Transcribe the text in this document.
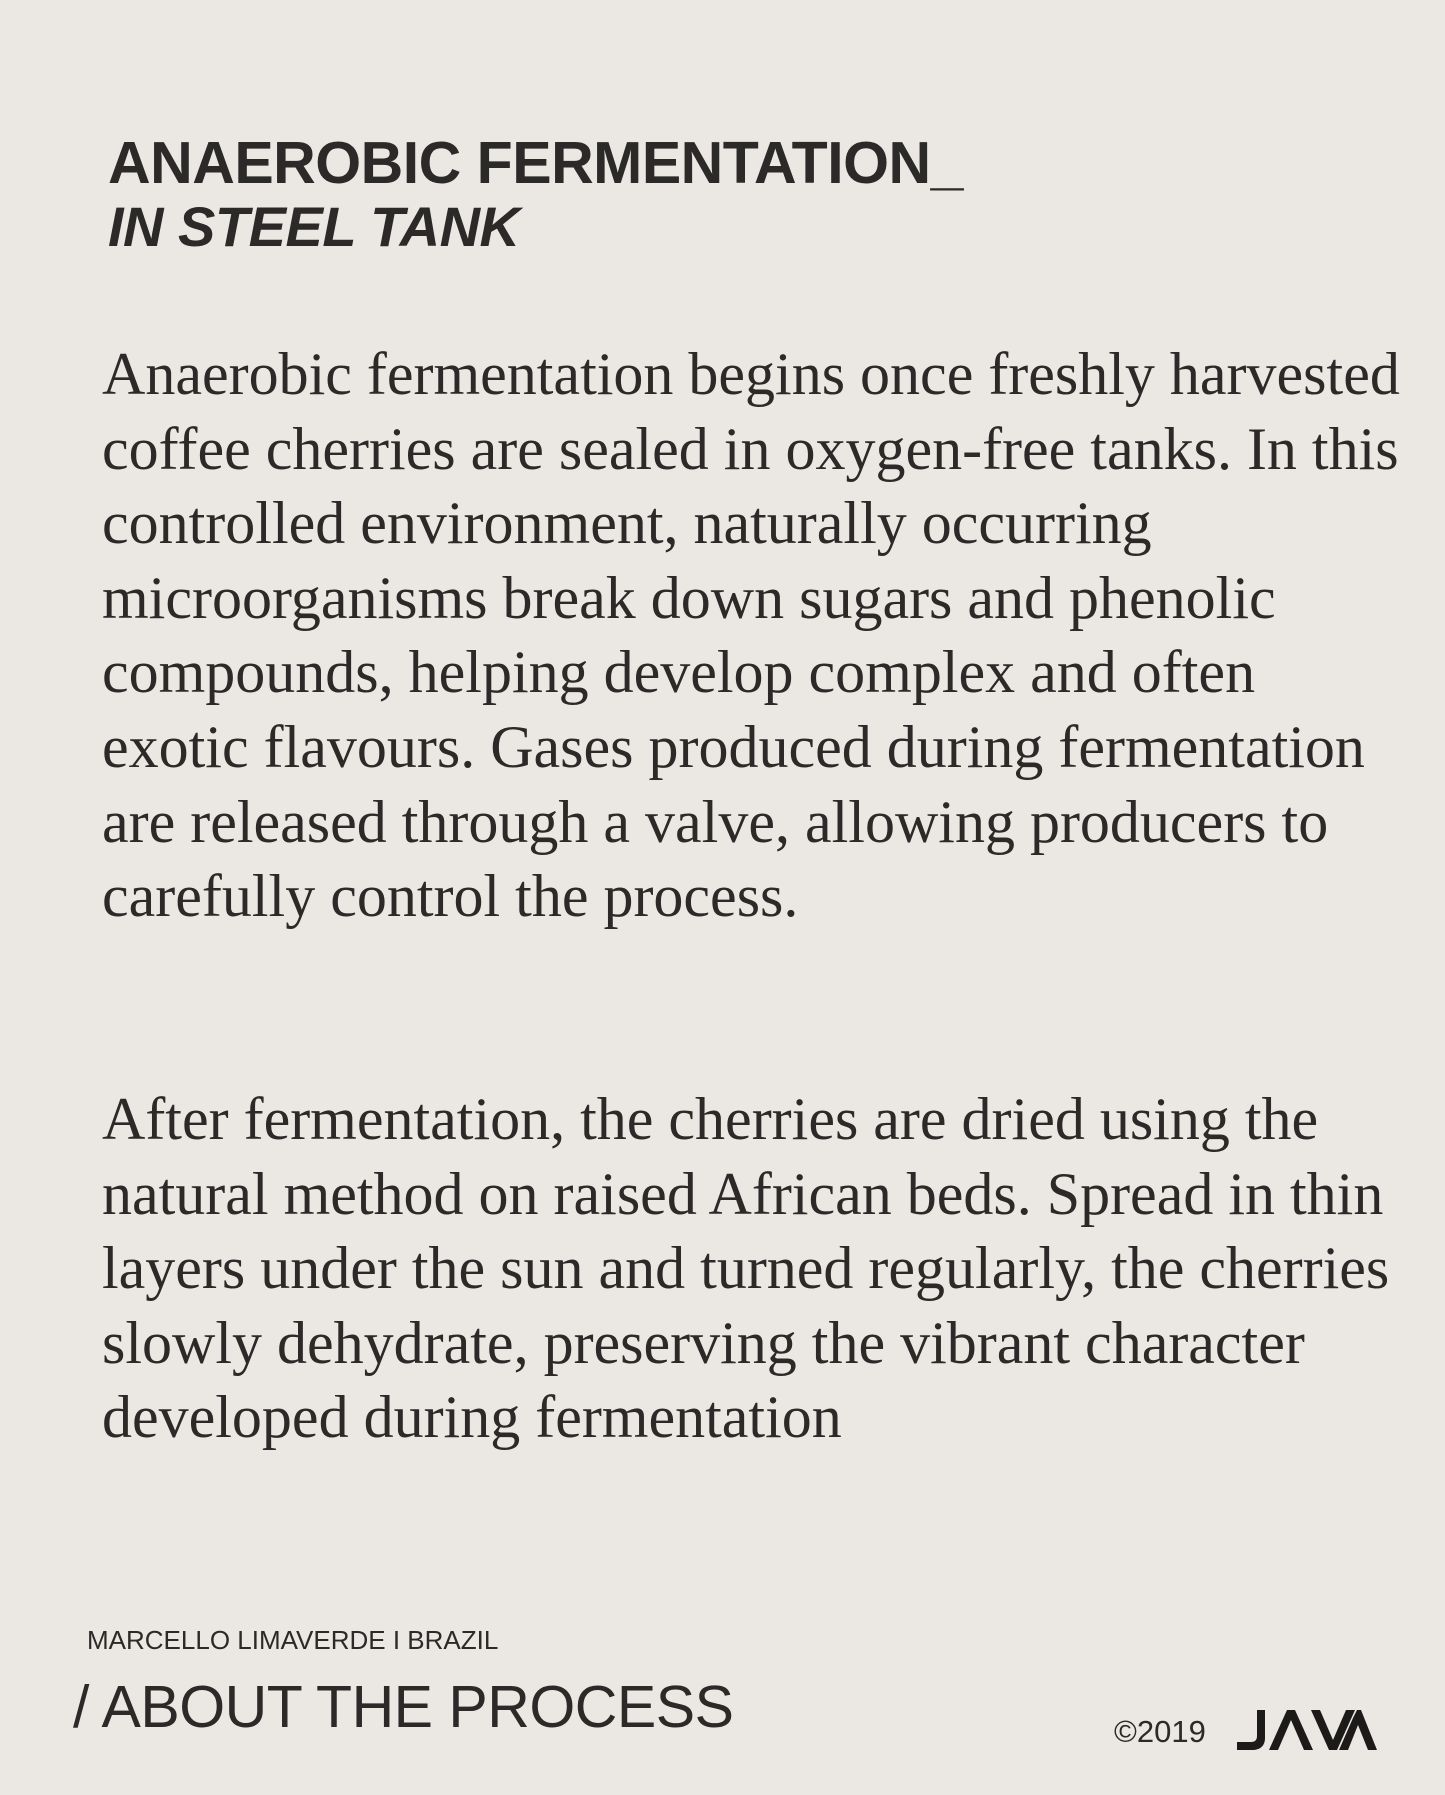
ANAEROBIC FERMENTATION_
IN STEEL TANK

Anaerobic fermentation begins once freshly harvested coffee cherries are sealed in oxygen-free tanks. In this controlled environment, naturally occurring microorganisms break down sugars and phenolic compounds, helping develop complex and often exotic flavours. Gases produced during fermentation are released through a valve, allowing producers to carefully control the process.

After fermentation, the cherries are dried using the natural method on raised African beds. Spread in thin layers under the sun and turned regularly, the cherries slowly dehydrate, preserving the vibrant character developed during fermentation

MARCELLO LIMAVERDE I BRAZIL
/ ABOUT THE PROCESS	©2019
